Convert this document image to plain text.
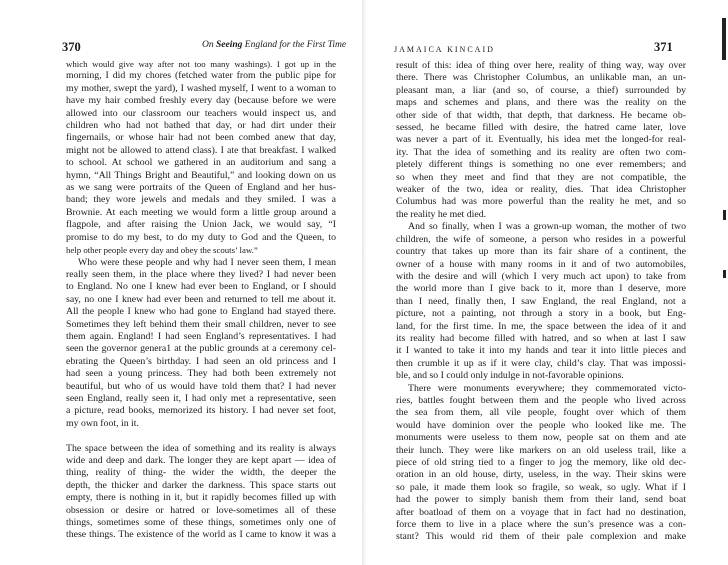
370	On Seeing England for the First Time
which would give way after not too many washings). I got up in the
morning, I did my chores (fetched water from the public pipe for
my mother, swept the yard), I washed myself, I went to a woman to
have my hair combed freshly every day (because before we were
allowed into our classroom our teachers would inspect us, and
children who had not bathed that day, or had dirt under their
fingernails, or whose hair had not been combed anew that day,
might not be allowed to attend class). I ate that breakfast. I walked
to school. At school we gathered in an auditorium and sang a
hymn, “All Things Bright and Beautiful,” and looking down on us
as we sang were portraits of the Queen of England and her hus-
band; they wore jewels and medals and they smiled. I was a
Brownie. At each meeting we would form a little group around a
flagpole, and after raising the Union Jack, we would say, “I
promise to do my best, to do my duty to God and the Queen, to
help other people every day and obey the scouts’ law.”
Who were these people and why had I never seen them, I mean
really seen them, in the place where they lived? I had never been
to England. No one I knew had ever been to England, or I should
say, no one I knew had ever been and returned to tell me about it.
All the people I knew who had gone to England had stayed there.
Sometimes they left behind them their small children, never to see
them again. England! I had seen England’s representatives. I had
seen the governor genera1 at the public grounds at a ceremony cel-
ebrating the Queen’s birthday. I had seen an old princess and I
had seen a young princess. They had both been extremely not
beautiful, but who of us would have told them that? I had never
seen England, really seen it, I had only met a representative, seen
a picture, read books, memorized its history. I had never set foot,
my own foot, in it.
The space between the idea of something and its reality is always
wide and deep and dark. The longer they are kept apart — idea of
thing, reality of thing- the wider the width, the deeper the
depth, the thicker and darker the darkness. This space starts out
empty, there is nothing in it, but it rapidly becomes filled up with
obsession or desire or hatred or love-sometimes all of these
things, sometimes some of these things, sometimes only one of
these things. The existence of the world as I came to know it was a
JAMAICA KINCAID	371
result of this: idea of thing over here, reality of thing way, way over
there. There was Christopher Columbus, an unlikable man, an un-
pleasant man, a liar (and so, of course, a thief) surrounded by
maps and schemes and plans, and there was the reality on the
other side of that width, that depth, that darkness. He became ob-
sessed, he became filled with desire, the hatred came later, love
was never a part of it. Eventually, his idea met the longed-for real-
ity. That the idea of something and its reality are often two com-
pletely different things is something no one ever remembers; and
so when they meet and find that they are not compatible, the
weaker of the two, idea or reality, dies. That idea Christopher
Columbus had was more powerful than the reality he met, and so
the reality he met died.
And so finally, when I was a grown-up woman, the mother of two
children, the wife of someone, a person who resides in a powerful
country that takes up more than its fair share of a continent, the
owner of a house with many rooms in it and of two automobiles,
with the desire and will (which I very much act upon) to take from
the world more than I give back to it, more than I deserve, more
than I need, finally then, I saw England, the real England, not a
picture, not a painting, not through a story in a book, but Eng-
land, for the first time. In me, the space between the idea of it and
its reality had become filled with hatred, and so when at last I saw
it I wanted to take it into my hands and tear it into little pieces and
then crumble it up as if it were clay, child’s clay. That was impossi-
ble, and so I could only indulge in not-favorable opinions.
There were monuments everywhere; they commemorated victo-
ries, battles fought between them and the people who lived across
the sea from them, all vile people, fought over which of them
would have dominion over the people who looked like me. The
monuments were useless to them now, people sat on them and ate
their lunch. They were like markers on an old useless trail, like a
piece of old string tied to a finger to jog the memory, like old dec-
oration in an old house, dirty, useless, in the way. Their skins were
so pale, it made them look so fragile, so weak, so ugly. What if I
had the power to simply banish them from their land, send boat
after boatload of them on a voyage that in fact had no destination,
force them to live in a place where the sun’s presence was a con-
stant? This would rid them of their pale complexion and make
